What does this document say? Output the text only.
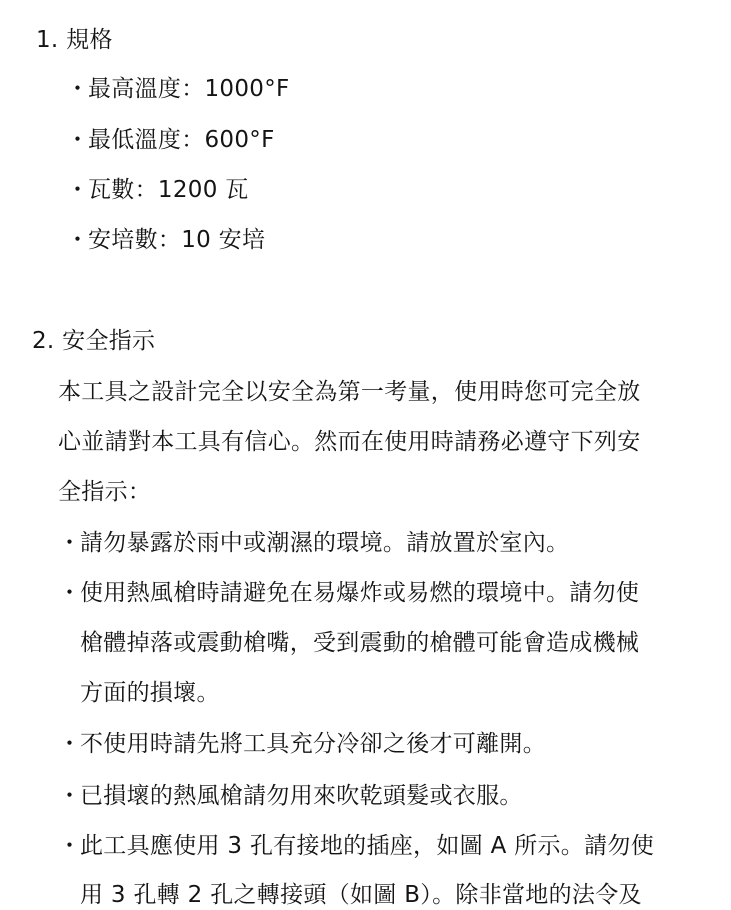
1. 規格
・最高溫度：1000°F
・最低溫度：600°F
・瓦數：1200 瓦
・安培數：10 安培
2. 安全指示
本工具之設計完全以安全為第一考量，使用時您可完全放
心並請對本工具有信心。然而在使用時請務必遵守下列安
全指示：
・請勿暴露於雨中或潮濕的環境。請放置於室內。
・使用熱風槍時請避免在易爆炸或易燃的環境中。請勿使
槍體掉落或震動槍嘴，受到震動的槍體可能會造成機械
方面的損壞。
・不使用時請先將工具充分冷卻之後才可離開。
・已損壞的熱風槍請勿用來吹乾頭髮或衣服。
・此工具應使用 3 孔有接地的插座，如圖 A 所示。請勿使
用 3 孔轉 2 孔之轉接頭（如圖 B）。除非當地的法令及
